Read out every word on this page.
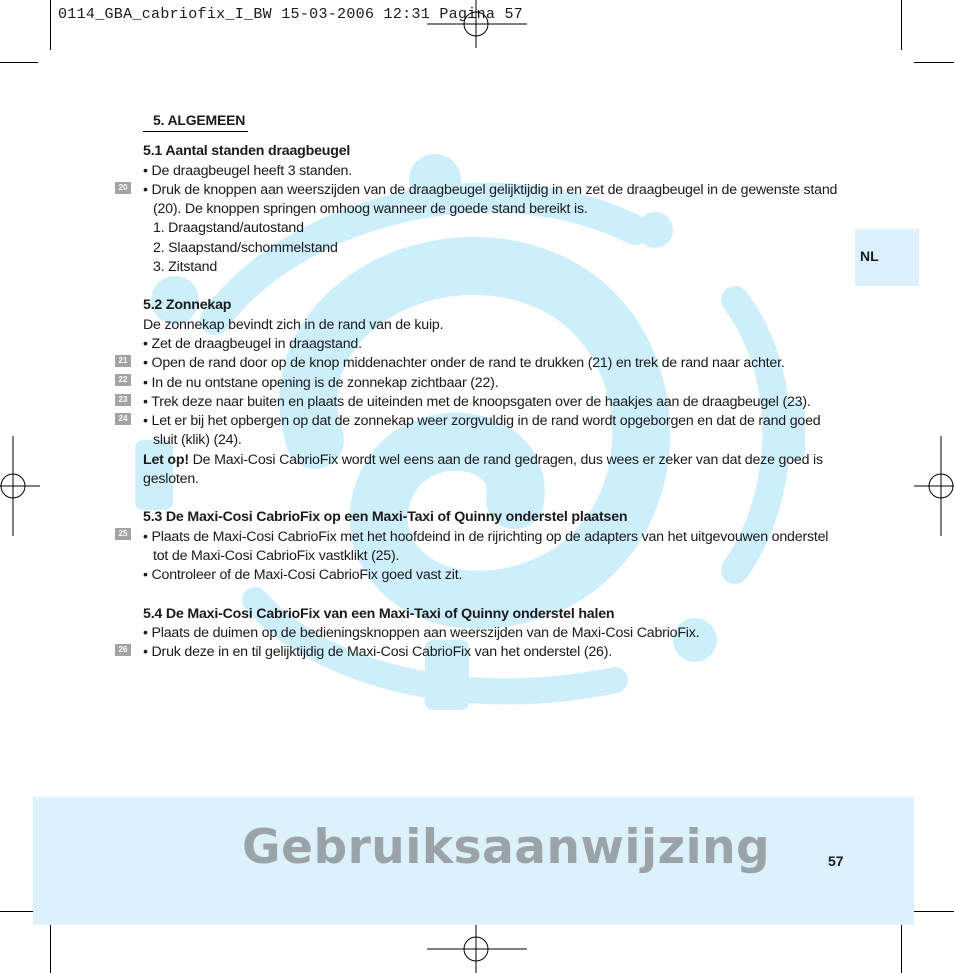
0114_GBA_cabriofix_I_BW 15-03-2006 12:31 Pagina 57
NL
20
21
22
23
24
25
26

5. ALGEMEEN

5.1 Aantal standen draagbeugel

• De draagbeugel heeft 3 standen.

• Druk de knoppen aan weerszijden van de draagbeugel gelijktijdig in en zet de draagbeugel in de gewenste stand (20). De knoppen springen omhoog wanneer de goede stand bereikt is.

1. Draagstand/autostand

2. Slaapstand/schommelstand

3. Zitstand

5.2 Zonnekap

De zonnekap bevindt zich in de rand van de kuip.

• Zet de draagbeugel in draagstand.

• Open de rand door op de knop middenachter onder de rand te drukken (21) en trek de rand naar achter.

• In de nu ontstane opening is de zonnekap zichtbaar (22).

• Trek deze naar buiten en plaats de uiteinden met de knoopsgaten over de haakjes aan de draagbeugel (23).

• Let er bij het opbergen op dat de zonnekap weer zorgvuldig in de rand wordt opgeborgen en dat de rand goed sluit (klik) (24).

Let op! De Maxi-Cosi CabrioFix wordt wel eens aan de rand gedragen, dus wees er zeker van dat deze goed is gesloten.

5.3 De Maxi-Cosi CabrioFix op een Maxi-Taxi of Quinny onderstel plaatsen

• Plaats de Maxi-Cosi CabrioFix met het hoofdeind in de rijrichting op de adapters van het uitgevouwen onderstel tot de Maxi-Cosi CabrioFix vastklikt (25).

• Controleer of de Maxi-Cosi CabrioFix goed vast zit.

5.4 De Maxi-Cosi CabrioFix van een Maxi-Taxi of Quinny onderstel halen

• Plaats de duimen op de bedieningsknoppen aan weerszijden van de Maxi-Cosi CabrioFix.

• Druk deze in en til gelijktijdig de Maxi-Cosi CabrioFix van het onderstel (26).

Gebruiksaanwijzing	57
